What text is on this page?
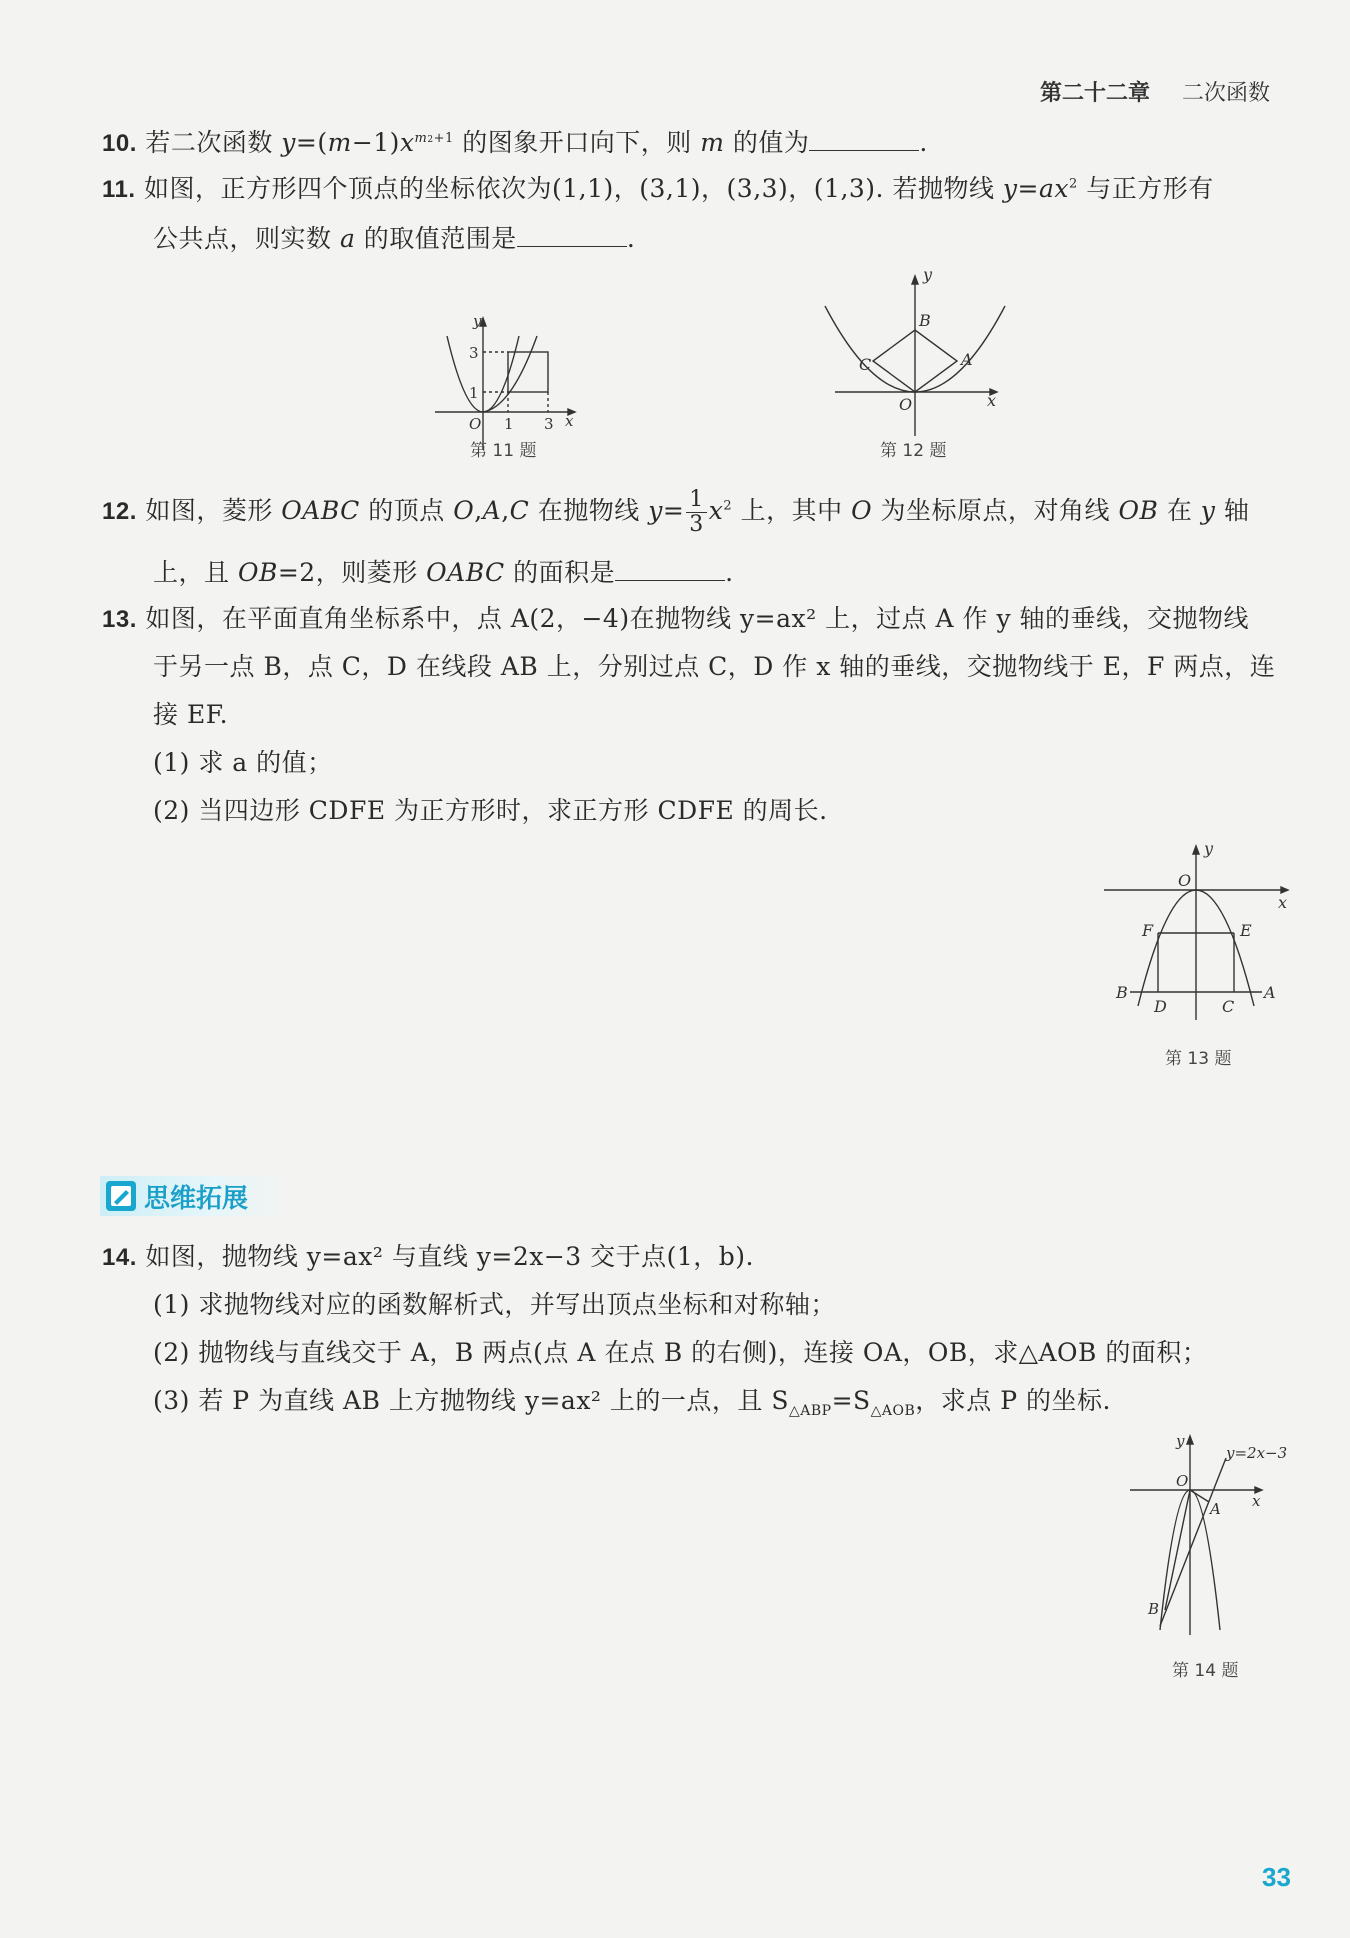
第二十二章 二次函数
10. 若二次函数 $y=(m-1)x^{m2+1}$ 的图象开口向下，则 m 的值为	.
11. 如图，正方形四个顶点的坐标依次为(1,1)，(3,1)，(3,3)，(1,3). 若抛物线 $y=ax^2$ 与正方形有
公共点，则实数 a 的取值范围是	.
y
3
1
O 1 3 x
第 11 题
y
B
C	A
O	x
第 12 题
12. 如图，菱形 OABC 的顶点 O,A,C 在抛物线 $y= \frac{1}{3} x^2$ 上，其中 O 为坐标原点，对角线 OB 在 y 轴
上，且 OB=2，则菱形 OABC 的面积是	.
13. 如图，在平面直角坐标系中，点 A(2，−4)在抛物线 y=ax² 上，过点 A 作 y 轴的垂线，交抛物线
于另一点 B，点 C，D 在线段 AB 上，分别过点 C，D 作 x 轴的垂线，交抛物线于 E，F 两点，连
接 EF.
(1) 求 a 的值；
(2) 当四边形 CDFE 为正方形时，求正方形 CDFE 的周长.
y
O
x
F	E
B
D	C
A
第 13 题
思维拓展
14. 如图，抛物线 y=ax² 与直线 y=2x−3 交于点(1，b).
(1) 求抛物线对应的函数解析式，并写出顶点坐标和对称轴；
(2) 抛物线与直线交于 A，B 两点(点 A 在点 B 的右侧)，连接 OA，OB，求△AOB 的面积；
(3) 若 P 为直线 AB 上方抛物线 y=ax² 上的一点，且 $S_{\triangle ABP}=S_{\triangle AOB}$，求点 P 的坐标.
y
y=2x−3
O
x
A
B
第 14 题
33
